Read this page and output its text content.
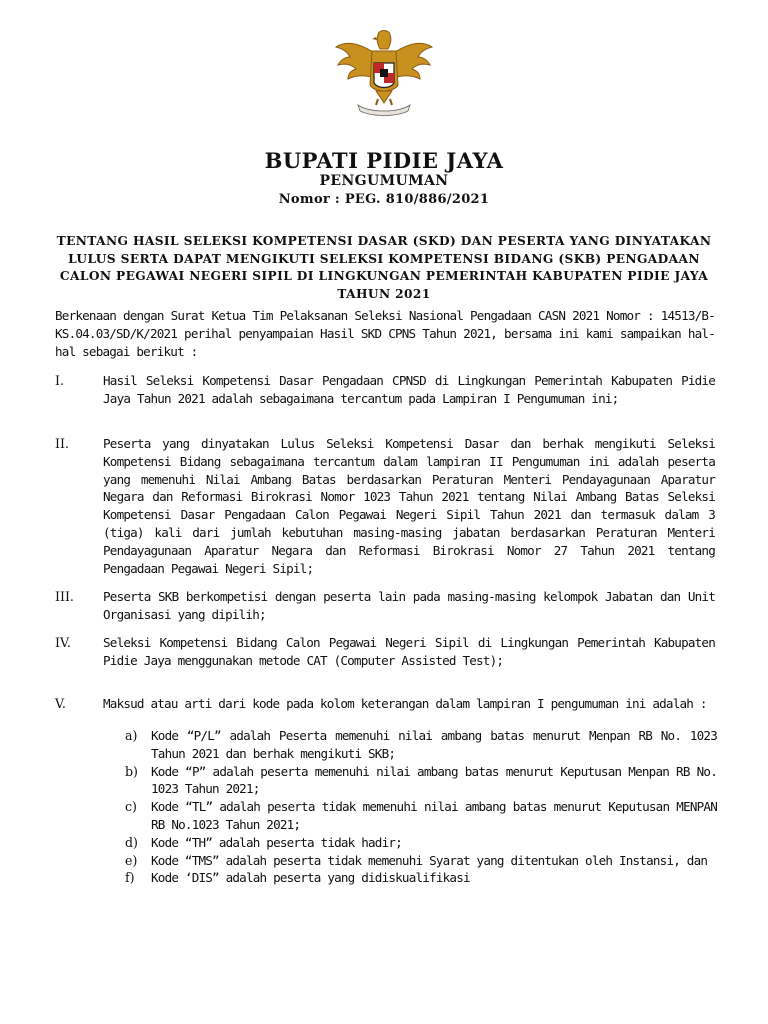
BUPATI PIDIE JAYA
PENGUMUMAN
Nomor : PEG. 810/886/2021
TENTANG HASIL SELEKSI KOMPETENSI DASAR (SKD) DAN PESERTA YANG DINYATAKAN LULUS SERTA DAPAT MENGIKUTI SELEKSI KOMPETENSI BIDANG (SKB) PENGADAAN CALON PEGAWAI NEGERI SIPIL DI LINGKUNGAN PEMERINTAH KABUPATEN PIDIE JAYA TAHUN 2021
Berkenaan dengan Surat Ketua Tim Pelaksanan Seleksi Nasional Pengadaan CASN 2021 Nomor : 14513/B-KS.04.03/SD/K/2021 perihal penyampaian Hasil SKD CPNS Tahun 2021, bersama ini kami sampaikan hal-hal sebagai berikut :
I.	Hasil Seleksi Kompetensi Dasar Pengadaan CPNSD di Lingkungan Pemerintah Kabupaten Pidie Jaya Tahun 2021 adalah sebagaimana tercantum pada Lampiran I Pengumuman ini;
II.	Peserta yang dinyatakan Lulus Seleksi Kompetensi Dasar dan berhak mengikuti Seleksi Kompetensi Bidang sebagaimana tercantum dalam lampiran II Pengumuman ini adalah peserta yang memenuhi Nilai Ambang Batas berdasarkan Peraturan Menteri Pendayagunaan Aparatur Negara dan Reformasi Birokrasi Nomor 1023 Tahun 2021 tentang Nilai Ambang Batas Seleksi Kompetensi Dasar Pengadaan Calon Pegawai Negeri Sipil Tahun 2021 dan termasuk dalam 3 (tiga) kali dari jumlah kebutuhan masing-masing jabatan berdasarkan Peraturan Menteri Pendayagunaan Aparatur Negara dan Reformasi Birokrasi Nomor 27 Tahun 2021 tentang Pengadaan Pegawai Negeri Sipil;
III.	Peserta SKB berkompetisi dengan peserta lain pada masing-masing kelompok Jabatan dan Unit Organisasi yang dipilih;
IV.	Seleksi Kompetensi Bidang Calon Pegawai Negeri Sipil di Lingkungan Pemerintah Kabupaten Pidie Jaya menggunakan metode CAT (Computer Assisted Test);
V.	Maksud atau arti dari kode pada kolom keterangan dalam lampiran I pengumuman ini adalah :
a)	Kode “P/L” adalah Peserta memenuhi nilai ambang batas menurut Menpan RB No. 1023 Tahun 2021 dan berhak mengikuti SKB;
b)	Kode “P” adalah peserta memenuhi nilai ambang batas menurut Keputusan Menpan RB No. 1023 Tahun 2021;
c)	Kode “TL” adalah peserta tidak memenuhi nilai ambang batas menurut Keputusan MENPAN RB No.1023 Tahun 2021;
d)	Kode “TH” adalah peserta tidak hadir;
e)	Kode “TMS” adalah peserta tidak memenuhi Syarat yang ditentukan oleh Instansi, dan
f)	Kode ‘DIS” adalah peserta yang didiskualifikasi
